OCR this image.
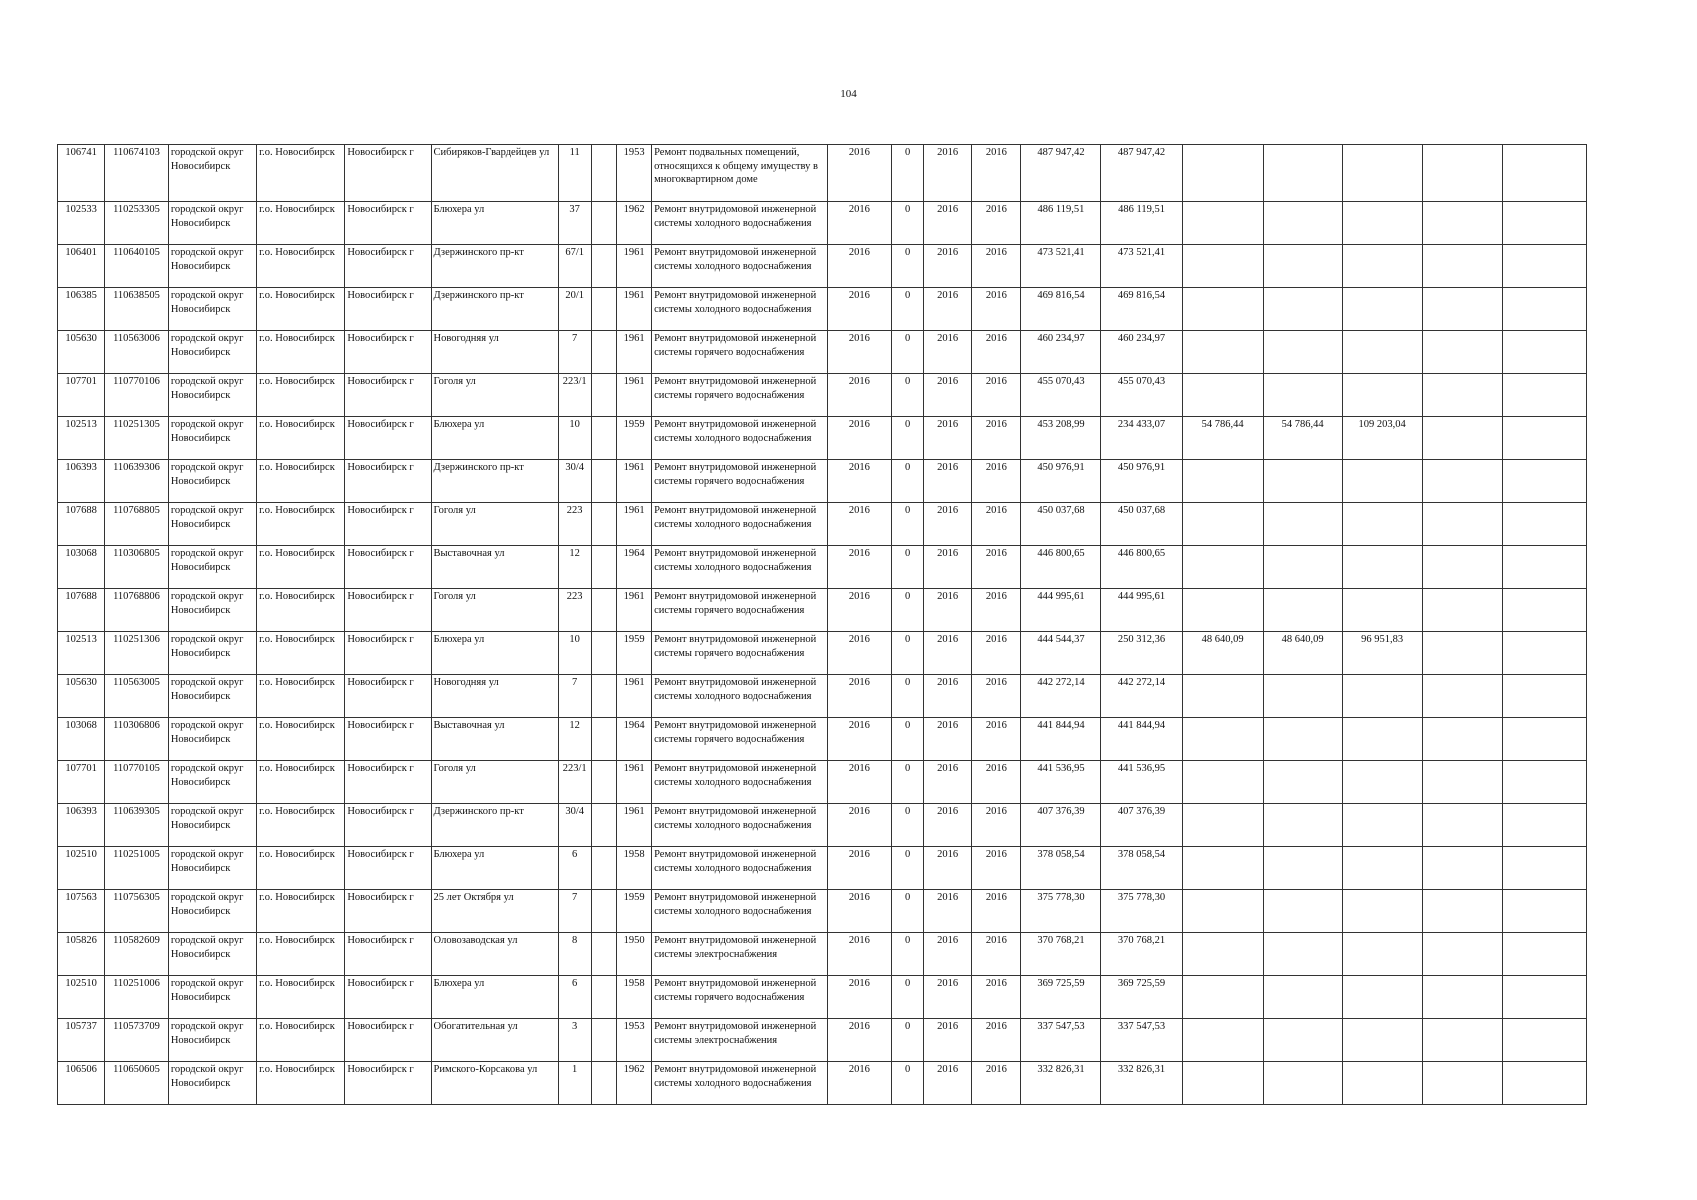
104
106741	110674103	городской округ Новосибирск	г.о. Новосибирск	Новосибирск г	Сибиряков-Гвардейцев ул	11		1953	Ремонт подвальных помещений, относящихся к общему имуществу в многоквартирном доме	2016	0	2016	2016	487 947,42	487 947,42					
102533	110253305	городской округ Новосибирск	г.о. Новосибирск	Новосибирск г	Блюхера ул	37		1962	Ремонт внутридомовой инженерной системы холодного водоснабжения	2016	0	2016	2016	486 119,51	486 119,51					
106401	110640105	городской округ Новосибирск	г.о. Новосибирск	Новосибирск г	Дзержинского пр-кт	67/1		1961	Ремонт внутридомовой инженерной системы холодного водоснабжения	2016	0	2016	2016	473 521,41	473 521,41					
106385	110638505	городской округ Новосибирск	г.о. Новосибирск	Новосибирск г	Дзержинского пр-кт	20/1		1961	Ремонт внутридомовой инженерной системы холодного водоснабжения	2016	0	2016	2016	469 816,54	469 816,54					
105630	110563006	городской округ Новосибирск	г.о. Новосибирск	Новосибирск г	Новогодняя ул	7		1961	Ремонт внутридомовой инженерной системы горячего водоснабжения	2016	0	2016	2016	460 234,97	460 234,97					
107701	110770106	городской округ Новосибирск	г.о. Новосибирск	Новосибирск г	Гоголя ул	223/1		1961	Ремонт внутридомовой инженерной системы горячего водоснабжения	2016	0	2016	2016	455 070,43	455 070,43					
102513	110251305	городской округ Новосибирск	г.о. Новосибирск	Новосибирск г	Блюхера ул	10		1959	Ремонт внутридомовой инженерной системы холодного водоснабжения	2016	0	2016	2016	453 208,99	234 433,07	54 786,44	54 786,44	109 203,04		
106393	110639306	городской округ Новосибирск	г.о. Новосибирск	Новосибирск г	Дзержинского пр-кт	30/4		1961	Ремонт внутридомовой инженерной системы горячего водоснабжения	2016	0	2016	2016	450 976,91	450 976,91					
107688	110768805	городской округ Новосибирск	г.о. Новосибирск	Новосибирск г	Гоголя ул	223		1961	Ремонт внутридомовой инженерной системы холодного водоснабжения	2016	0	2016	2016	450 037,68	450 037,68					
103068	110306805	городской округ Новосибирск	г.о. Новосибирск	Новосибирск г	Выставочная ул	12		1964	Ремонт внутридомовой инженерной системы холодного водоснабжения	2016	0	2016	2016	446 800,65	446 800,65					
107688	110768806	городской округ Новосибирск	г.о. Новосибирск	Новосибирск г	Гоголя ул	223		1961	Ремонт внутридомовой инженерной системы горячего водоснабжения	2016	0	2016	2016	444 995,61	444 995,61					
102513	110251306	городской округ Новосибирск	г.о. Новосибирск	Новосибирск г	Блюхера ул	10		1959	Ремонт внутридомовой инженерной системы горячего водоснабжения	2016	0	2016	2016	444 544,37	250 312,36	48 640,09	48 640,09	96 951,83		
105630	110563005	городской округ Новосибирск	г.о. Новосибирск	Новосибирск г	Новогодняя ул	7		1961	Ремонт внутридомовой инженерной системы холодного водоснабжения	2016	0	2016	2016	442 272,14	442 272,14					
103068	110306806	городской округ Новосибирск	г.о. Новосибирск	Новосибирск г	Выставочная ул	12		1964	Ремонт внутридомовой инженерной системы горячего водоснабжения	2016	0	2016	2016	441 844,94	441 844,94					
107701	110770105	городской округ Новосибирск	г.о. Новосибирск	Новосибирск г	Гоголя ул	223/1		1961	Ремонт внутридомовой инженерной системы холодного водоснабжения	2016	0	2016	2016	441 536,95	441 536,95					
106393	110639305	городской округ Новосибирск	г.о. Новосибирск	Новосибирск г	Дзержинского пр-кт	30/4		1961	Ремонт внутридомовой инженерной системы холодного водоснабжения	2016	0	2016	2016	407 376,39	407 376,39					
102510	110251005	городской округ Новосибирск	г.о. Новосибирск	Новосибирск г	Блюхера ул	6		1958	Ремонт внутридомовой инженерной системы холодного водоснабжения	2016	0	2016	2016	378 058,54	378 058,54					
107563	110756305	городской округ Новосибирск	г.о. Новосибирск	Новосибирск г	25 лет Октября ул	7		1959	Ремонт внутридомовой инженерной системы холодного водоснабжения	2016	0	2016	2016	375 778,30	375 778,30					
105826	110582609	городской округ Новосибирск	г.о. Новосибирск	Новосибирск г	Оловозаводская ул	8		1950	Ремонт внутридомовой инженерной системы электроснабжения	2016	0	2016	2016	370 768,21	370 768,21					
102510	110251006	городской округ Новосибирск	г.о. Новосибирск	Новосибирск г	Блюхера ул	6		1958	Ремонт внутридомовой инженерной системы горячего водоснабжения	2016	0	2016	2016	369 725,59	369 725,59					
105737	110573709	городской округ Новосибирск	г.о. Новосибирск	Новосибирск г	Обогатительная ул	3		1953	Ремонт внутридомовой инженерной системы электроснабжения	2016	0	2016	2016	337 547,53	337 547,53					
106506	110650605	городской округ Новосибирск	г.о. Новосибирск	Новосибирск г	Римского-Корсакова ул	1		1962	Ремонт внутридомовой инженерной системы холодного водоснабжения	2016	0	2016	2016	332 826,31	332 826,31					
